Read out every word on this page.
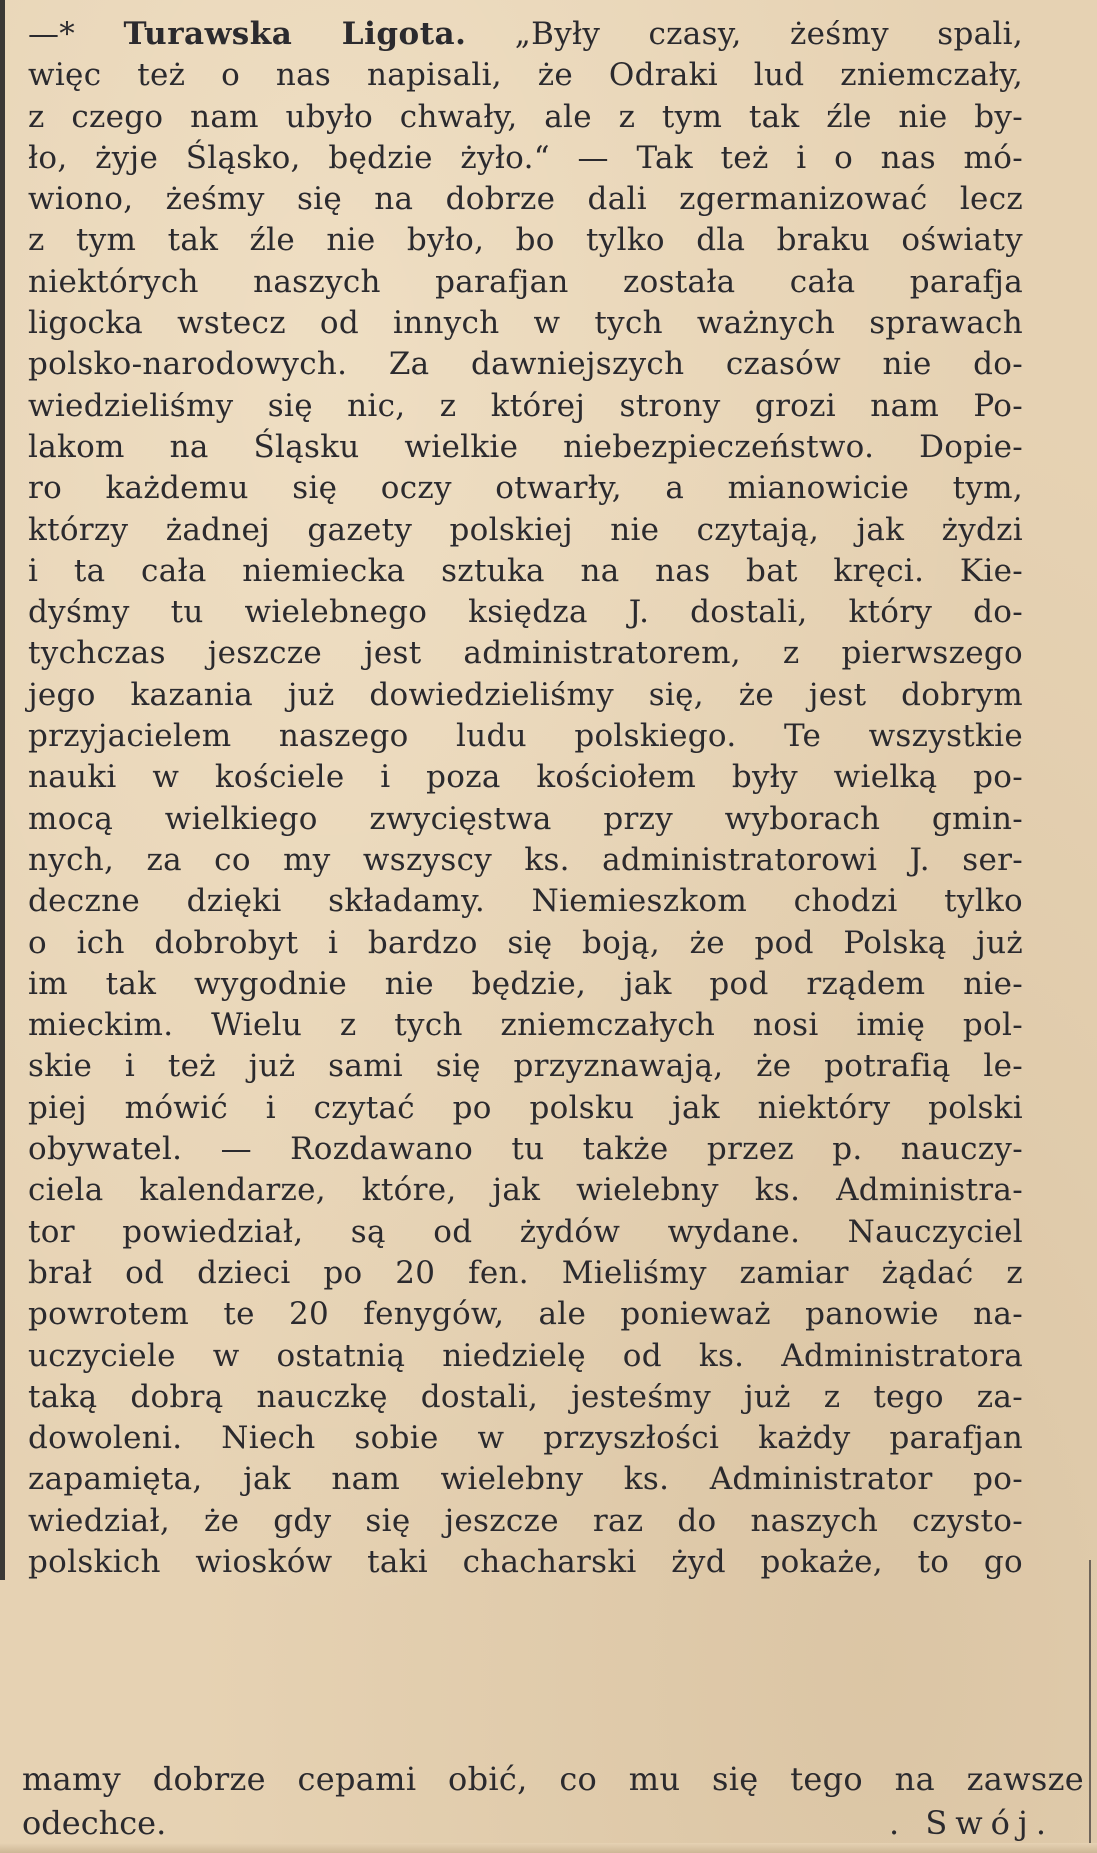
—* Turawska Ligota. „Były czasy, żeśmy spali,
więc też o nas napisali, że Odraki lud zniemczały,
z czego nam ubyło chwały, ale z tym tak źle nie by-
ło, żyje Śląsko, będzie żyło.“ — Tak też i o nas mó-
wiono, żeśmy się na dobrze dali zgermanizować lecz
z tym tak źle nie było, bo tylko dla braku oświaty
niektórych naszych parafjan została cała parafja
ligocka wstecz od innych w tych ważnych sprawach
polsko-narodowych. Za dawniejszych czasów nie do-
wiedzieliśmy się nic, z której strony grozi nam Po-
lakom na Śląsku wielkie niebezpieczeństwo. Dopie-
ro każdemu się oczy otwarły, a mianowicie tym,
którzy żadnej gazety polskiej nie czytają, jak żydzi
i ta cała niemiecka sztuka na nas bat kręci. Kie-
dyśmy tu wielebnego księdza J. dostali, który do-
tychczas jeszcze jest administratorem, z pierwszego
jego kazania już dowiedzieliśmy się, że jest dobrym
przyjacielem naszego ludu polskiego. Te wszystkie
nauki w kościele i poza kościołem były wielką po-
mocą wielkiego zwycięstwa przy wyborach gmin-
nych, za co my wszyscy ks. administratorowi J. ser-
deczne dzięki składamy. Niemieszkom chodzi tylko
o ich dobrobyt i bardzo się boją, że pod Polską już
im tak wygodnie nie będzie, jak pod rządem nie-
mieckim. Wielu z tych zniemczałych nosi imię pol-
skie i też już sami się przyznawają, że potrafią le-
piej mówić i czytać po polsku jak niektóry polski
obywatel. — Rozdawano tu także przez p. nauczy-
ciela kalendarze, które, jak wielebny ks. Administra-
tor powiedział, są od żydów wydane. Nauczyciel
brał od dzieci po 20 fen. Mieliśmy zamiar żądać z
powrotem te 20 fenygów, ale ponieważ panowie na-
uczyciele w ostatnią niedzielę od ks. Administratora
taką dobrą nauczkę dostali, jesteśmy już z tego za-
dowoleni. Niech sobie w przyszłości każdy parafjan
zapamięta, jak nam wielebny ks. Administrator po-
wiedział, że gdy się jeszcze raz do naszych czysto-
polskich wiosków taki chacharski żyd pokaże, to go
mamy dobrze cepami obić, co mu się tego na zawsze
odechce.	. Swój.
